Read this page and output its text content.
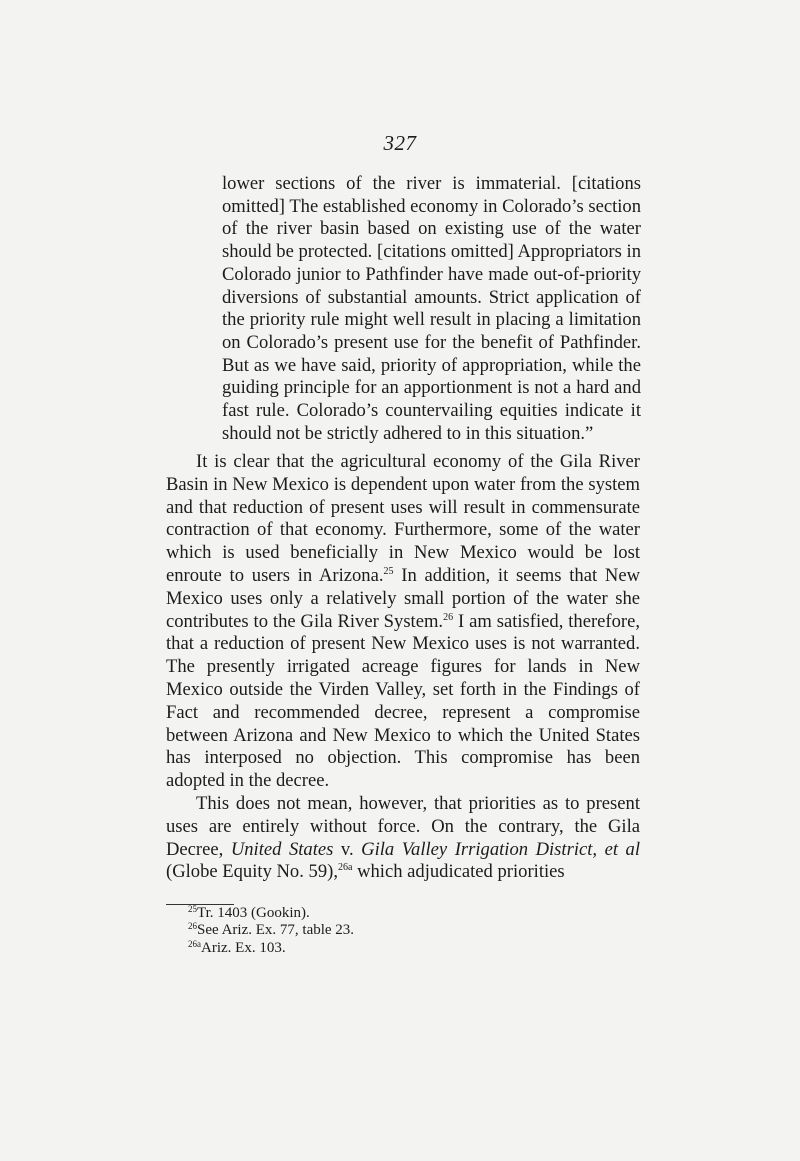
327
lower sections of the river is immaterial. [citations omitted] The established economy in Colorado’s section of the river basin based on existing use of the water should be protected. [citations omitted] Appropriators in Colorado junior to Pathfinder have made out-of-priority diversions of substantial amounts. Strict application of the priority rule might well result in placing a limitation on Colorado’s present use for the benefit of Pathfinder. But as we have said, priority of appropriation, while the guiding principle for an apportionment is not a hard and fast rule. Colorado’s countervailing equities indicate it should not be strictly adhered to in this situation.”

It is clear that the agricultural economy of the Gila River Basin in New Mexico is dependent upon water from the system and that reduction of present uses will result in commensurate contraction of that economy. Furthermore, some of the water which is used beneficially in New Mexico would be lost enroute to users in Arizona.$^{25}$ In addition, it seems that New Mexico uses only a relatively small portion of the water she contributes to the Gila River System.$^{26}$ I am satisfied, therefore, that a reduction of present New Mexico uses is not warranted. The presently irrigated acreage figures for lands in New Mexico outside the Virden Valley, set forth in the Findings of Fact and recommended decree, represent a compromise between Arizona and New Mexico to which the United States has interposed no objection. This compromise has been adopted in the decree.

This does not mean, however, that priorities as to present uses are entirely without force. On the contrary, the Gila Decree, United States v. Gila Valley Irrigation District, et al (Globe Equity No. 59),$^{26a}$ which adjudicated priorities

$^{25}$Tr. 1403 (Gookin).
$^{26}$See Ariz. Ex. 77, table 23.
$^{26a}$Ariz. Ex. 103.
